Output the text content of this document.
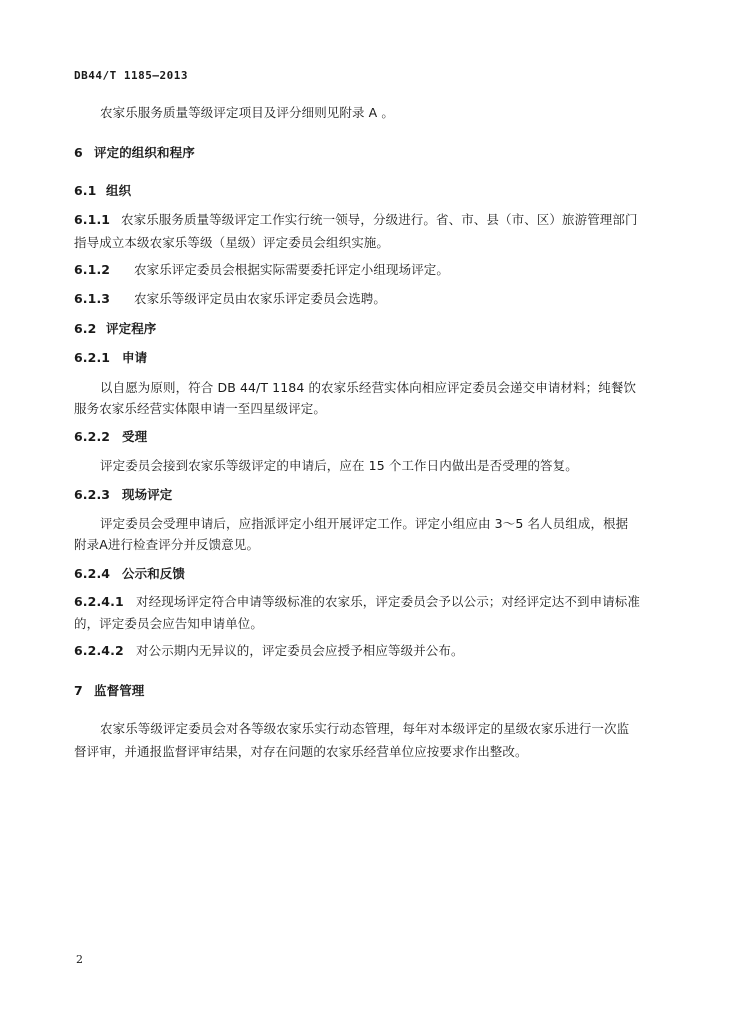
DB44/T 1185—2013
农家乐服务质量等级评定项目及评分细则见附录 A 。
6 评定的组织和程序
6.1 组织
6.1.1 农家乐服务质量等级评定工作实行统一领导，分级进行。省、市、县（市、区）旅游管理部门
指导成立本级农家乐等级（星级）评定委员会组织实施。
6.1.2 农家乐评定委员会根据实际需要委托评定小组现场评定。
6.1.3 农家乐等级评定员由农家乐评定委员会选聘。
6.2 评定程序
6.2.1 申请
以自愿为原则，符合 DB 44/T 1184 的农家乐经营实体向相应评定委员会递交申请材料；纯餐饮
服务农家乐经营实体限申请一至四星级评定。
6.2.2 受理
评定委员会接到农家乐等级评定的申请后，应在 15 个工作日内做出是否受理的答复。
6.2.3 现场评定
评定委员会受理申请后，应指派评定小组开展评定工作。评定小组应由 3～5 名人员组成，根据
附录A进行检查评分并反馈意见。
6.2.4 公示和反馈
6.2.4.1 对经现场评定符合申请等级标准的农家乐，评定委员会予以公示；对经评定达不到申请标准
的，评定委员会应告知申请单位。
6.2.4.2 对公示期内无异议的，评定委员会应授予相应等级并公布。
7 监督管理
农家乐等级评定委员会对各等级农家乐实行动态管理，每年对本级评定的星级农家乐进行一次监
督评审，并通报监督评审结果，对存在问题的农家乐经营单位应按要求作出整改。
2
